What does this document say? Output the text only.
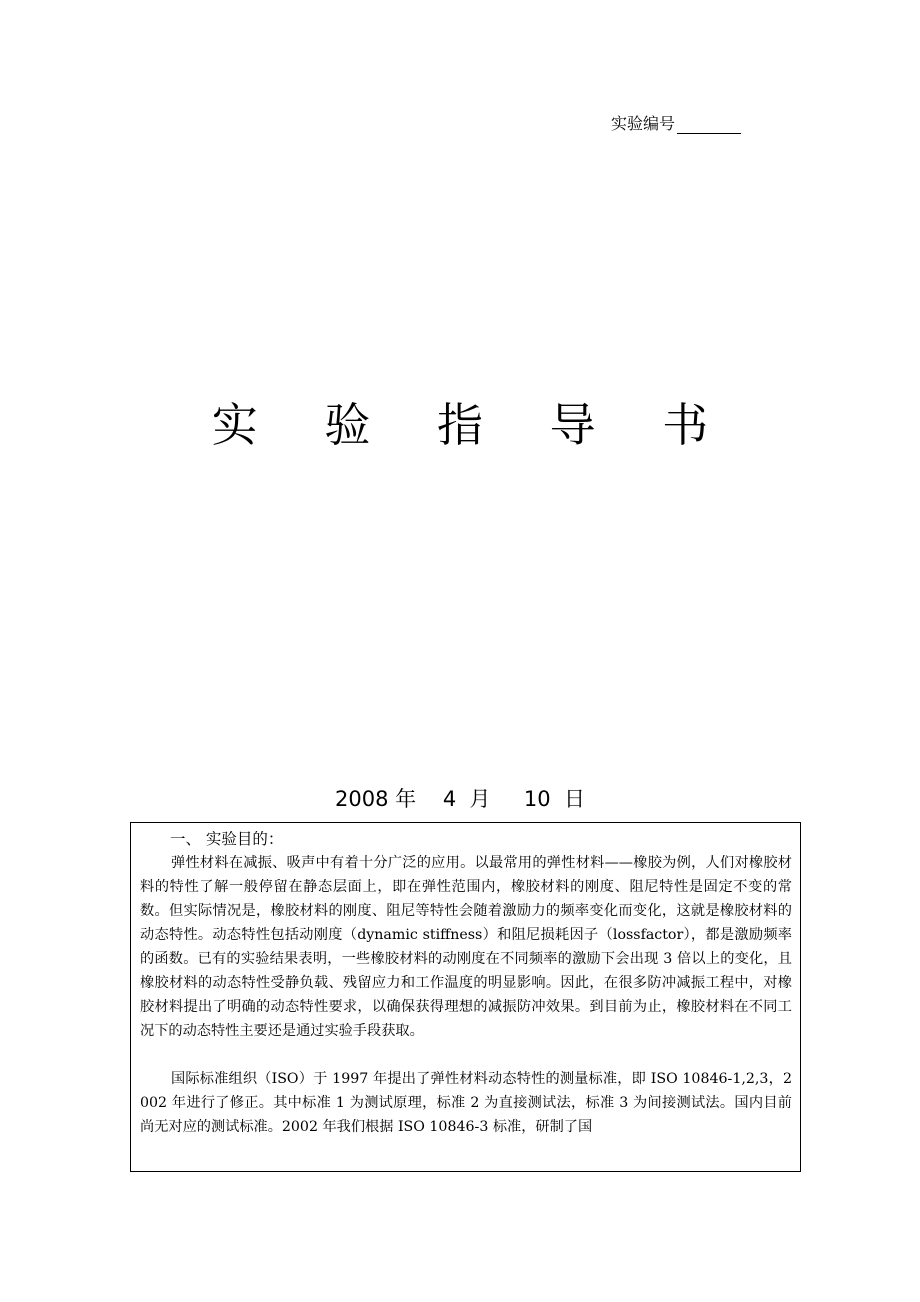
实验编号
实 验 指 导 书
2008 年    4  月     10  日

一、 实验目的：

弹性材料在减振、吸声中有着十分广泛的应用。以最常用的弹性材料——橡胶为例，人们对橡胶材料的特性了解一般停留在静态层面上，即在弹性范围内，橡胶材料的刚度、阻尼特性是固定不变的常数。但实际情况是，橡胶材料的刚度、阻尼等特性会随着激励力的频率变化而变化，这就是橡胶材料的动态特性。动态特性包括动刚度（dynamic stiffness）和阻尼损耗因子（lossfactor），都是激励频率的函数。已有的实验结果表明，一些橡胶材料的动刚度在不同频率的激励下会出现 3 倍以上的变化，且橡胶材料的动态特性受静负载、残留应力和工作温度的明显影响。因此，在很多防冲减振工程中，对橡胶材料提出了明确的动态特性要求，以确保获得理想的减振防冲效果。到目前为止，橡胶材料在不同工况下的动态特性主要还是通过实验手段获取。

国际标准组织（ISO）于 1997 年提出了弹性材料动态特性的测量标准，即 ISO 10846-1,2,3，2002 年进行了修正。其中标准 1 为测试原理，标准 2 为直接测试法，标准 3 为间接测试法。国内目前尚无对应的测试标准。2002 年我们根据 ISO 10846-3 标准，研制了国
